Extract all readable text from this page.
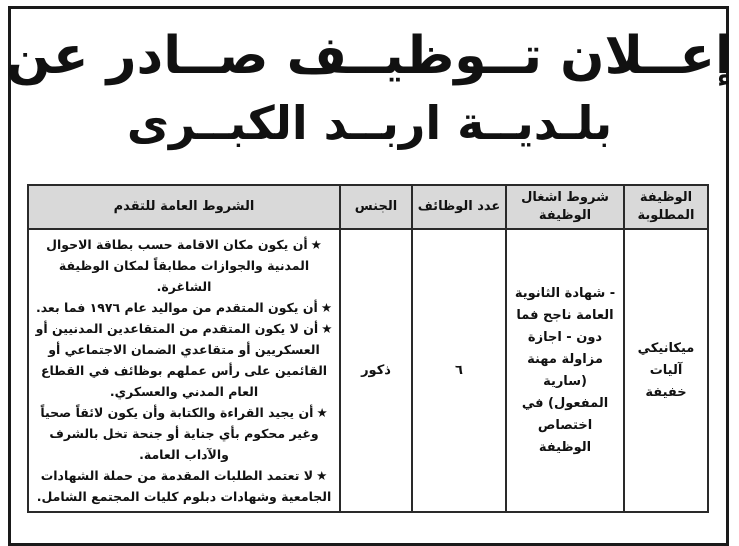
إعــلان تــوظيــف صــادر عن
بلـديــة اربــد الكبــرى
الوظيفة المطلوبة	شروط اشغال الوظيفة	عدد الوظائف	الجنس	الشروط العامة للتقدم
ميكانيكي آليات خفيفة	- شهادة الثانوية العامة ناجح فما دون - اجازة مزاولة مهنة (سارية المفعول) في اختصاص الوظيفة	٦	ذكور	★أن يكون مكان الاقامة حسب بطاقة الاحوال المدنية والجوازات مطابقاً لمكان الوظيفة الشاغرة.

★أن يكون المتقدم من مواليد عام ١٩٧٦ فما بعد.

★أن لا يكون المتقدم من المتقاعدين المدنيين أو العسكريين أو متقاعدي الضمان الاجتماعي أو القائمين على رأس عملهم بوظائف في القطاع العام المدني والعسكري.

★أن يجيد القراءة والكتابة وأن يكون لائقاً صحياً وغير محكوم بأي جناية أو جنحة تخل بالشرف والآداب العامة.

★لا تعتمد الطلبات المقدمة من حملة الشهادات الجامعية وشهادات دبلوم كليات المجتمع الشامل.
